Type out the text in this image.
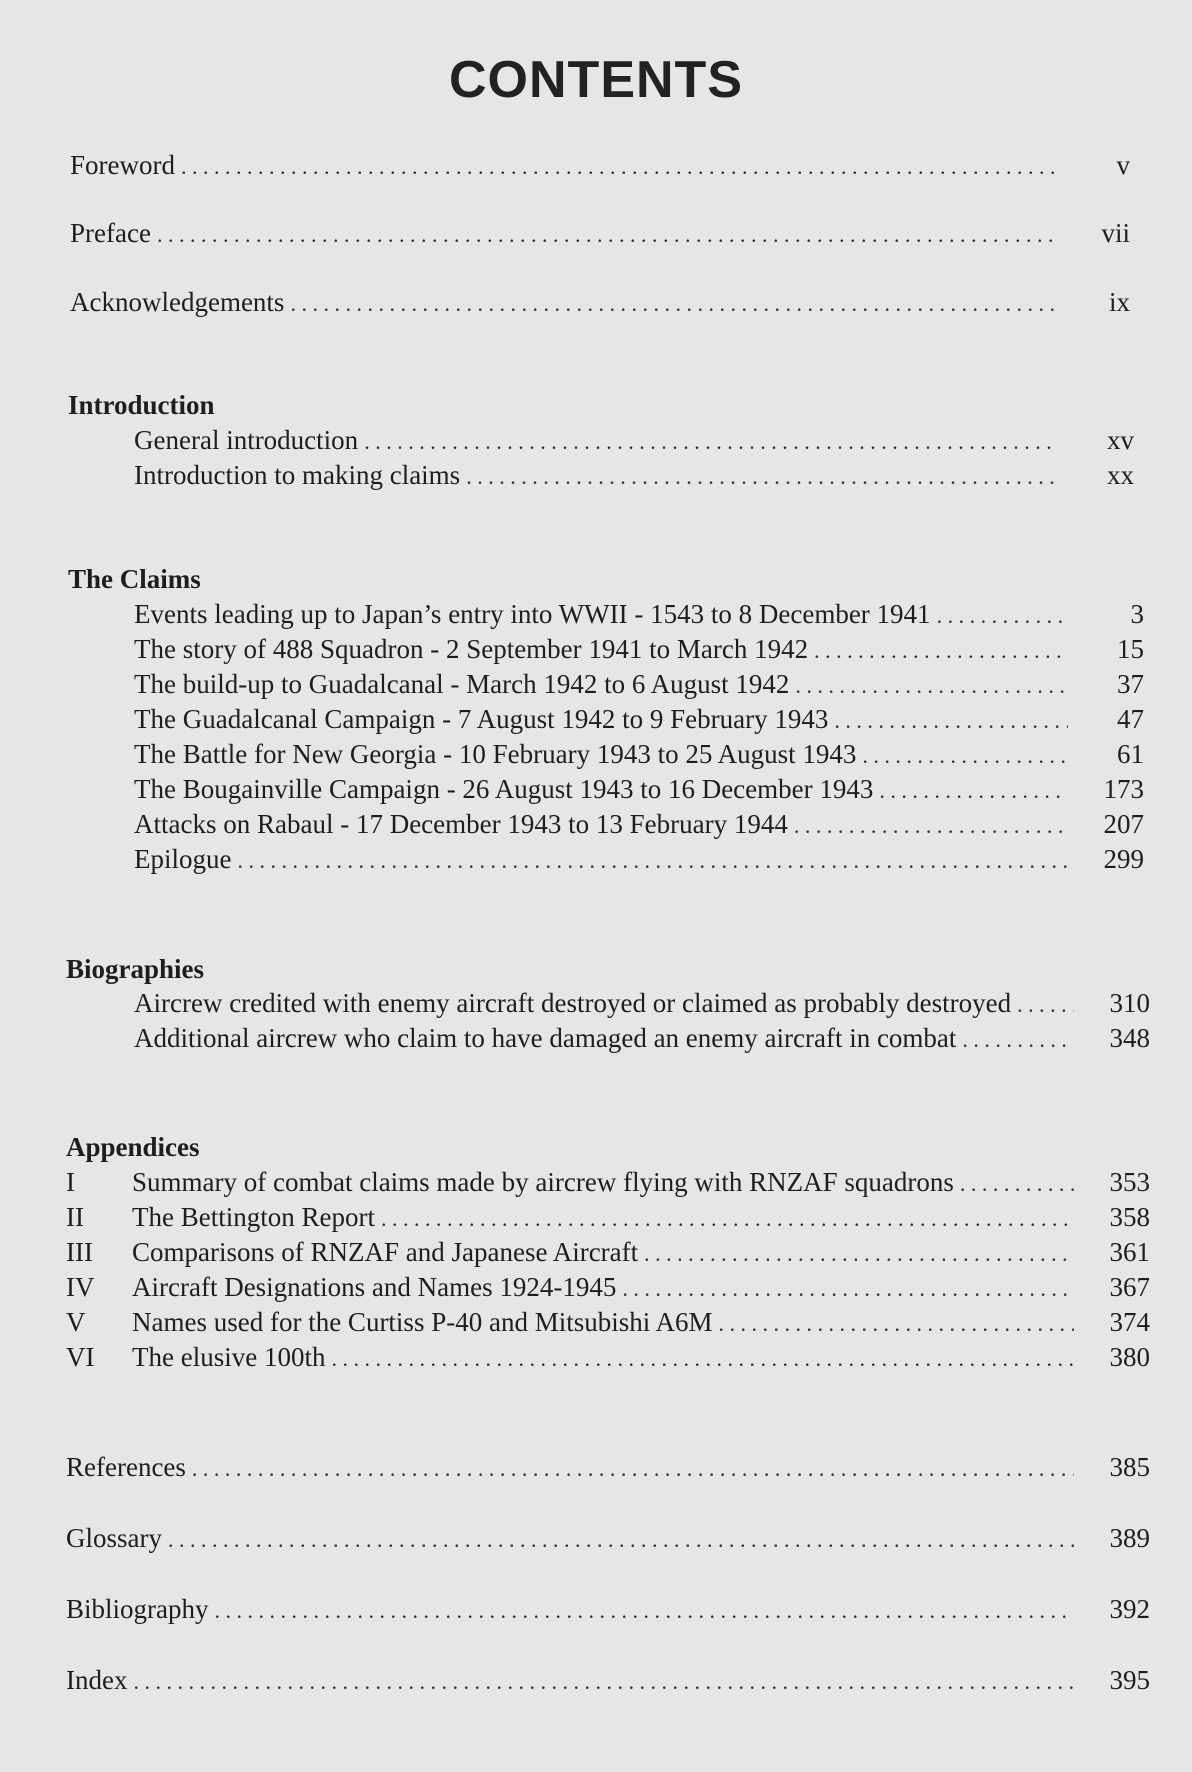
CONTENTS
Foreword . . .	v
Preface . . .	vii
Acknowledgements . . .	ix
Introduction
General introduction . . .	xv
Introduction to making claims . . .	xx
The Claims
Events leading up to Japan’s entry into WWII - 1543 to 8 December 1941 . . .	3
The story of 488 Squadron - 2 September 1941 to March 1942 . . .	15
The build-up to Guadalcanal - March 1942 to 6 August 1942 . . .	37
The Guadalcanal Campaign - 7 August 1942 to 9 February 1943 . . .	47
The Battle for New Georgia - 10 February 1943 to 25 August 1943 . . .	61
The Bougainville Campaign - 26 August 1943 to 16 December 1943 . . .	173
Attacks on Rabaul - 17 December 1943 to 13 February 1944 . . .	207
Epilogue . . .	299
Biographies
Aircrew credited with enemy aircraft destroyed or claimed as probably destroyed . . .	310
Additional aircrew who claim to have damaged an enemy aircraft in combat . . .	348
Appendices
I	Summary of combat claims made by aircrew flying with RNZAF squadrons . . .	353
II	The Bettington Report . . .	358
III	Comparisons of RNZAF and Japanese Aircraft . . .	361
IV	Aircraft Designations and Names 1924-1945 . . .	367
V	Names used for the Curtiss P-40 and Mitsubishi A6M . . .	374
VI	The elusive 100th . . .	380
References . . .	385
Glossary . . .	389
Bibliography . . .	392
Index . . .	395
